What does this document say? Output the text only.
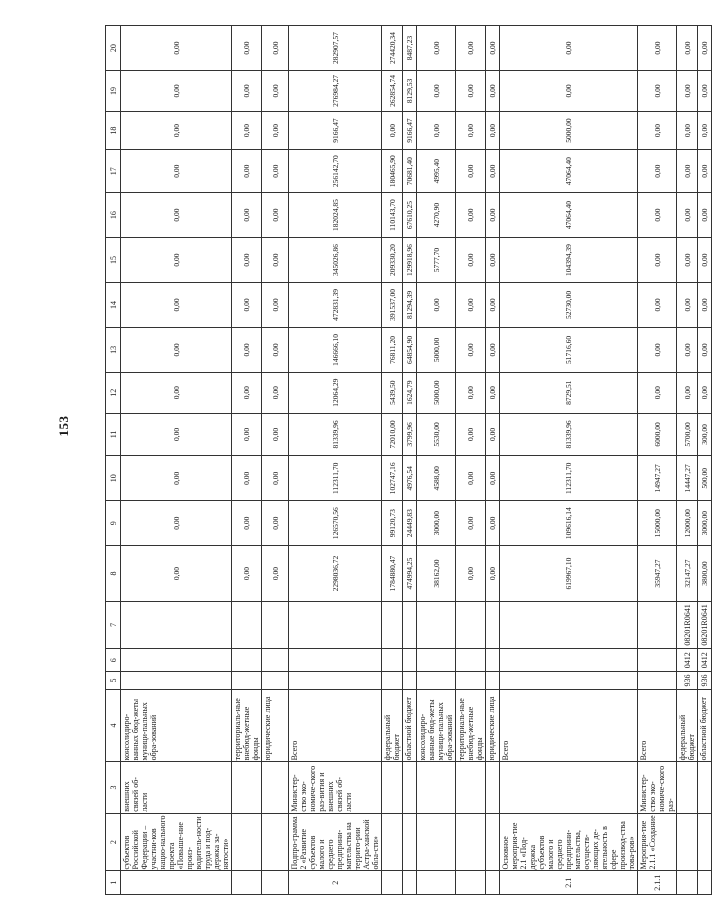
153
1	2	3	4	5	6	7	8	9	10	11	12	13	14	15	16	17	18	19	20
	субъектов Российской Федерации – участни-ков нацио-нального проекта «Повыше-ние произ-водитель-ности труда и под-держка за-нятости»	внешних связей об-ласти	консолидиро-ванных бюд-жеты муници-пальных обра-зований				0,00	0,00	0,00	0,00	0,00	0,00	0,00	0,00	0,00	0,00	0,00	0,00	0,00
			территориаль-ные внебюд-жетные фонды				0,00	0,00	0,00	0,00	0,00	0,00	0,00	0,00	0,00	0,00	0,00	0,00	0,00
			юридические лица				0,00	0,00	0,00	0,00	0,00	0,00	0,00	0,00	0,00	0,00	0,00	0,00	0,00
2	Подпро-грамма 2 «Развитие субъектов малого и среднего предприни-мательства на террито-рии Астра-ханской обла-сти»	Министер-ство эко-номиче-ского раз-вития и внешних связей об-ласти	Всего				2298036,72	126570,56	112311,70	81339,96	12064,29	146666,10	472831,39	345026,86	182024,85	256142,70	9166,47	276984,27	282907,57
			федеральный бюджет				1784880,47	99120,73	102747,16	72010,00	5439,50	76811,20	391537,00	209330,20	110143,70	180465,90	0,00	262854,74	274420,34
			областной бюджет				474994,25	24449,83	4976,54	3799,96	1624,79	64854,90	81294,39	129918,96	67610,25	70681,40	9166,47	8129,53	8487,23
			консолидиро-ванные бюд-жеты муници-пальных обра-зований				38162,00	3000,00	4588,00	5530,00	5000,00	5000,00	0,00	5777,70	4270,90	4995,40	0,00	0,00	0,00
			территориаль-ные внебюд-жетные фонды				0,00	0,00	0,00	0,00	0,00	0,00	0,00	0,00	0,00	0,00	0,00	0,00	0,00
			юридические лица				0,00	0,00	0,00	0,00	0,00	0,00	0,00	0,00	0,00	0,00	0,00	0,00	0,00
2.1	Основное мероприя-тие 2.1 «Под-держка субъектов малого и среднего предприни-мательства, осуществ-ляющих де-ятельность в сфере производ-ства това-ров»		Всего				619967,10	109616,14	112311,70	81339,96	8729,51	51716,60	52730,00	104394,39	47064,40	47064,40	5000,00	0,00	0,00
2.1.1	Мероприя-тие 2.1.1 «Создание	Министер-ство эко-номиче-ского раз-	Всего				35947,27	15000,00	14947,27	6000,00	0,00	0,00	0,00	0,00	0,00	0,00	0,00	0,00	0,00
			федеральный бюджет	936	0412	08201R0641	32147,27	12000,00	14447,27	5700,00	0,00	0,00	0,00	0,00	0,00	0,00	0,00	0,00	0,00
			областной бюджет	936	0412	08201R0641	3800,00	3000,00	500,00	300,00	0,00	0,00	0,00	0,00	0,00	0,00	0,00	0,00	0,00
